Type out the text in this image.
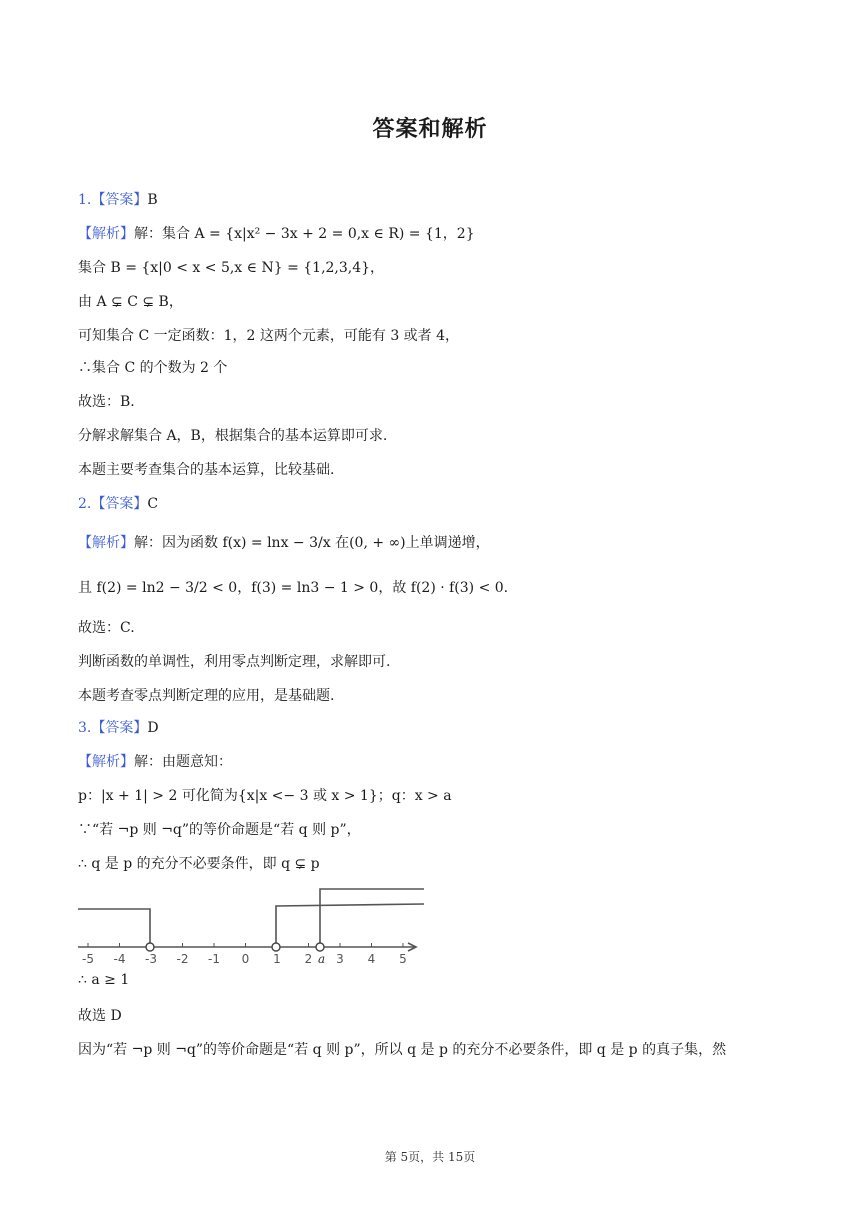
答案和解析
1.【答案】B
【解析】解：集合 A = {x|x² − 3x + 2 = 0,x ∈ R) = {1，2}
集合 B = {x|0 < x < 5,x ∈ N} = {1,2,3,4}，
由 A ⊊ C ⊊ B，
可知集合 C 一定函数：1，2 这两个元素，可能有 3 或者 4，
∴集合 C 的个数为 2 个
故选：B.
分解求解集合 A，B，根据集合的基本运算即可求.
本题主要考查集合的基本运算，比较基础.
2.【答案】C
【解析】解：因为函数 f(x) = lnx − 3/x 在(0, + ∞)上单调递增，
且 f(2) = ln2 − 3/2 < 0，f(3) = ln3 − 1 > 0，故 f(2) · f(3) < 0.
故选：C.
判断函数的单调性，利用零点判断定理，求解即可.
本题考查零点判断定理的应用，是基础题.
3.【答案】D
【解析】解：由题意知：
p：|x + 1| > 2 可化简为{x|x <− 3 或 x > 1}；q：x > a
∵“若 ¬p 则 ¬q”的等价命题是“若 q 则 p”，
∴ q 是 p 的充分不必要条件，即 q ⊊ p
∴ a ≥ 1
故选 D
因为“若 ¬p 则 ¬q”的等价命题是“若 q 则 p”，所以 q 是 p 的充分不必要条件，即 q 是 p 的真子集，然
-5 -4 -3 -2 -1 0 1 2 3 4 5
a
第 5页，共 15页
